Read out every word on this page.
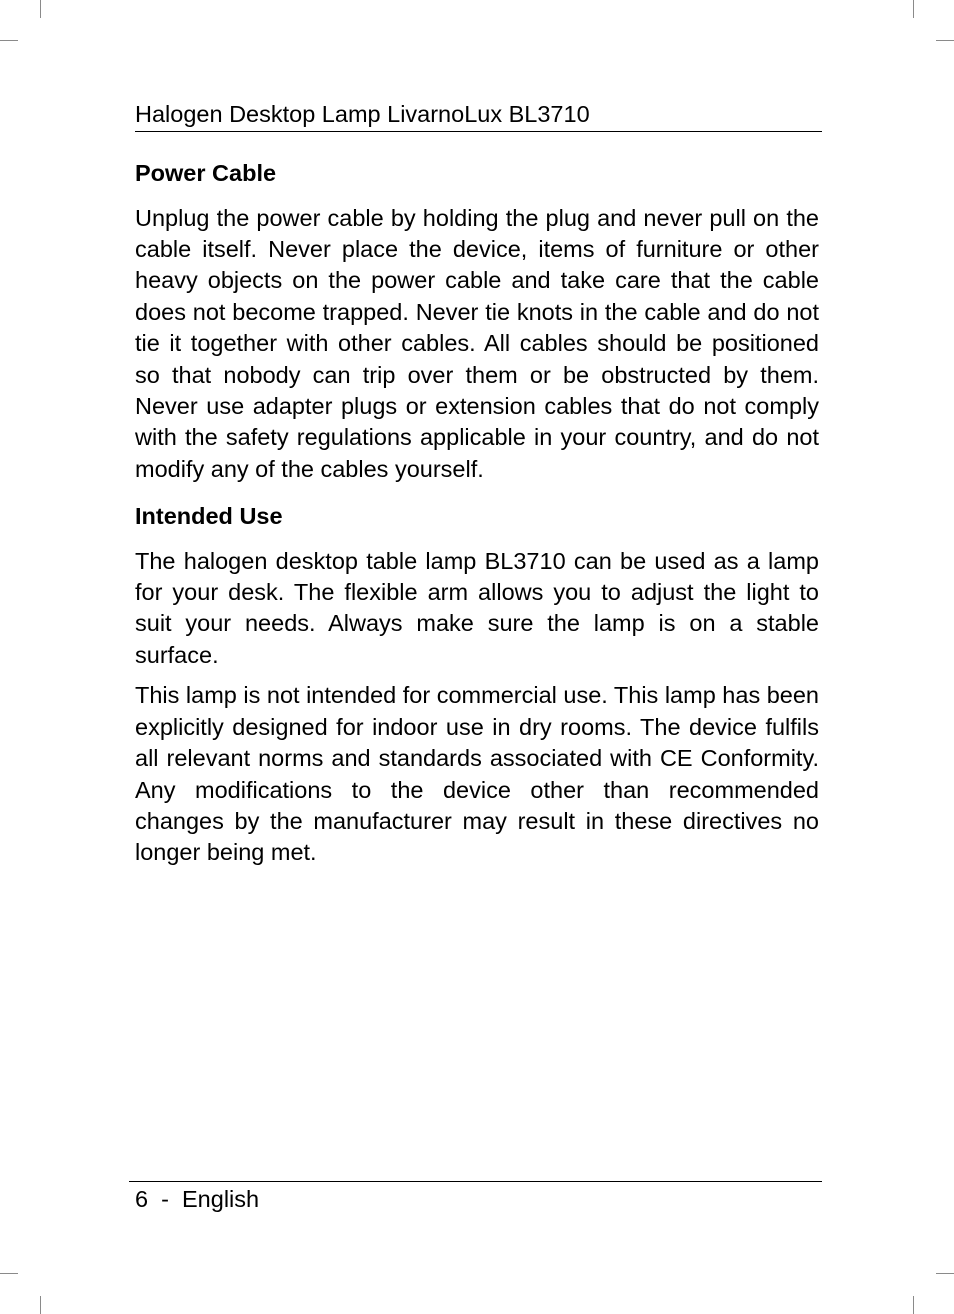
Halogen Desktop Lamp LivarnoLux BL3710
Power Cable

Unplug the power cable by holding the plug and never pull on the cable itself. Never place the device, items of furniture or other heavy objects on the power cable and take care that the cable does not become trapped. Never tie knots in the cable and do not tie it together with other cables. All cables should be positioned so that nobody can trip over them or be obstructed by them. Never use adapter plugs or extension cables that do not comply with the safety regulations applicable in your country, and do not modify any of the cables yourself.

Intended Use

The halogen desktop table lamp BL3710 can be used as a lamp for your desk. The flexible arm allows you to adjust the light to suit your needs. Always make sure the lamp is on a stable surface.

This lamp is not intended for commercial use. This lamp has been explicitly designed for indoor use in dry rooms. The device fulfils all relevant norms and standards associated with CE Conformity. Any modifications to the device other than recommended changes by the manufacturer may result in these directives no longer being met.

6  -  English
